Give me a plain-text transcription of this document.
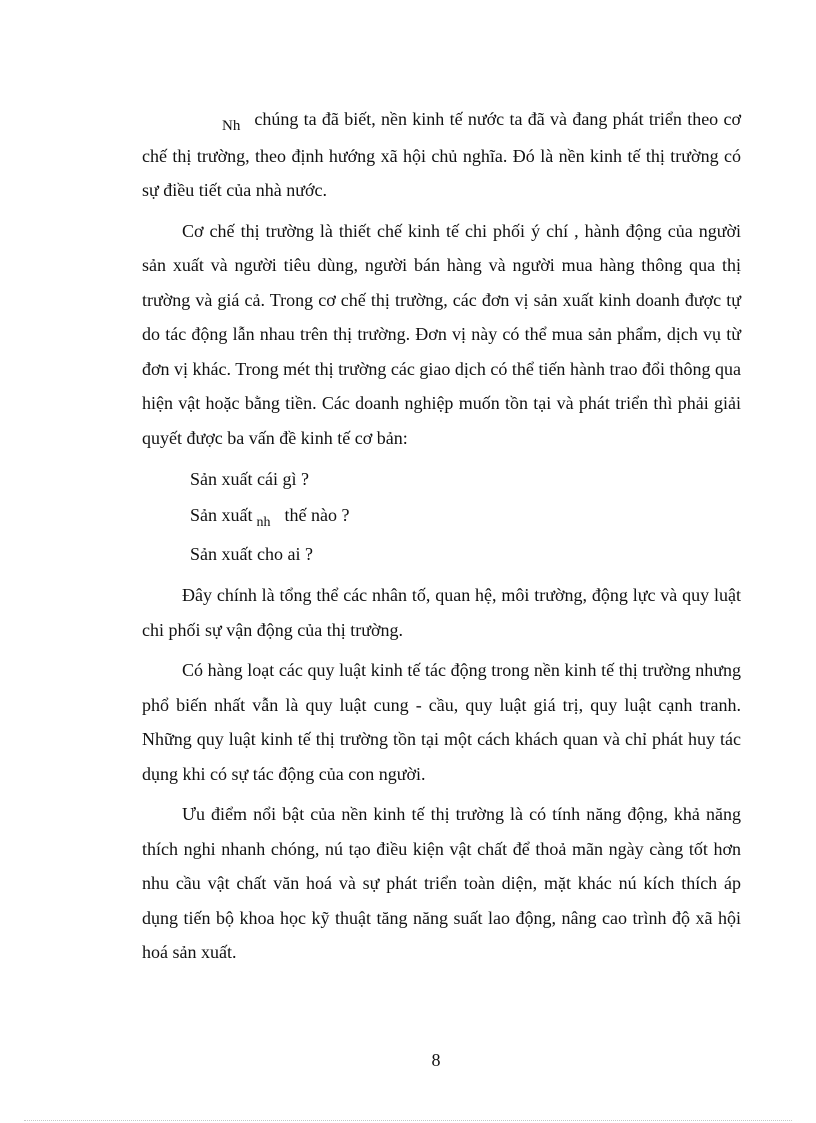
Nh chúng ta đã biết, nền kinh tế nước ta đã và đang phát triển theo cơ chế thị trường, theo định hướng xã hội chủ nghĩa. Đó là nền kinh tế thị trường có sự điều tiết của nhà nước.

Cơ chế thị trường là thiết chế kinh tế chi phối ý chí , hành động của người sản xuất và người tiêu dùng, người bán hàng và người mua hàng thông qua thị trường và giá cả. Trong cơ chế thị trường, các đơn vị sản xuất kinh doanh được tự do tác động lẫn nhau trên thị trường. Đơn vị này có thể mua sản phẩm, dịch vụ từ đơn vị khác. Trong mét thị trường các giao dịch có thể tiến hành trao đổi thông qua hiện vật hoặc bằng tiền. Các doanh nghiệp muốn tồn tại và phát triển thì phải giải quyết được ba vấn đề kinh tế cơ bản:

Sản xuất cái gì ?
Sản xuất nh thế nào ?
Sản xuất cho ai ?

Đây chính là tổng thể các nhân tố, quan hệ, môi trường, động lực và quy luật chi phối sự vận động của thị trường.

Có hàng loạt các quy luật kinh tế tác động trong nền kinh tế thị trường nhưng phổ biến nhất vẫn là quy luật cung - cầu, quy luật giá trị, quy luật cạnh tranh. Những quy luật kinh tế thị trường tồn tại một cách khách quan và chỉ phát huy tác dụng khi có sự tác động của con người.

Ưu điểm nổi bật của nền kinh tế thị trường là có tính năng động, khả năng thích nghi nhanh chóng, nú tạo điều kiện vật chất để thoả mãn ngày càng tốt hơn nhu cầu vật chất văn hoá và sự phát triển toàn diện, mặt khác nú kích thích áp dụng tiến bộ khoa học kỹ thuật tăng năng suất lao động, nâng cao trình độ xã hội hoá sản xuất.

8
